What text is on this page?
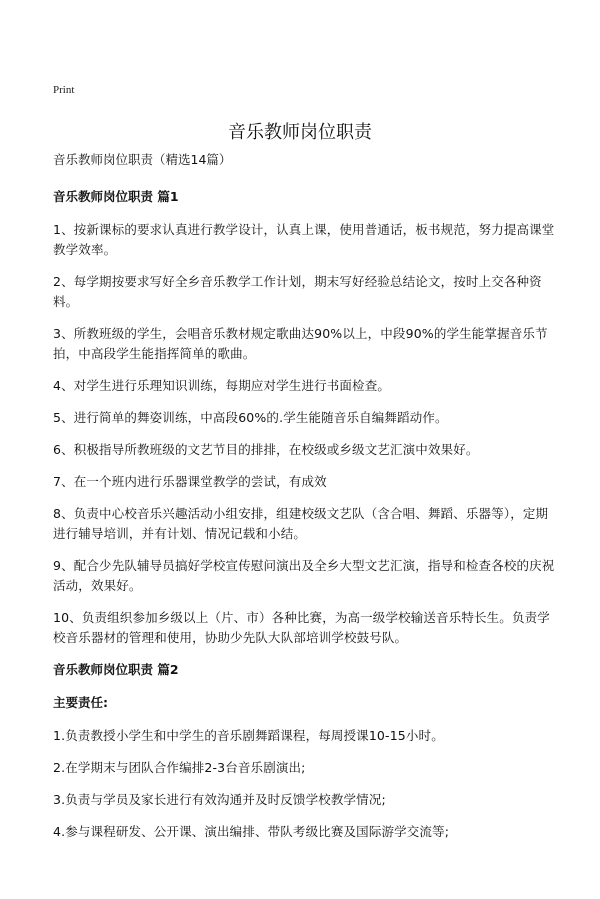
Print
音乐教师岗位职责

音乐教师岗位职责（精选14篇）

音乐教师岗位职责 篇1

1、按新课标的要求认真进行教学设计，认真上课，使用普通话，板书规范，努力提高课堂教学效率。

2、每学期按要求写好全乡音乐教学工作计划，期末写好经验总结论文，按时上交各种资料。

3、所教班级的学生，会唱音乐教材规定歌曲达90%以上，中段90%的学生能掌握音乐节拍，中高段学生能指挥简单的歌曲。

4、对学生进行乐理知识训练，每期应对学生进行书面检查。

5、进行简单的舞姿训练，中高段60%的.学生能随音乐自编舞蹈动作。

6、积极指导所教班级的文艺节目的排排，在校级或乡级文艺汇演中效果好。

7、在一个班内进行乐器课堂教学的尝试，有成效

8、负责中心校音乐兴趣活动小组安排，组建校级文艺队（含合唱、舞蹈、乐器等），定期进行辅导培训，并有计划、情况记载和小结。

9、配合少先队辅导员搞好学校宣传慰问演出及全乡大型文艺汇演，指导和检查各校的庆祝活动，效果好。

10、负责组织参加乡级以上（片、市）各种比赛，为高一级学校输送音乐特长生。负责学校音乐器材的管理和使用，协助少先队大队部培训学校鼓号队。

音乐教师岗位职责 篇2

主要责任:

1.负责教授小学生和中学生的音乐剧舞蹈课程，每周授课10-15小时。

2.在学期末与团队合作编排2-3台音乐剧演出;

3.负责与学员及家长进行有效沟通并及时反馈学校教学情况;

4.参与课程研发、公开课、演出编排、带队考级比赛及国际游学交流等;
